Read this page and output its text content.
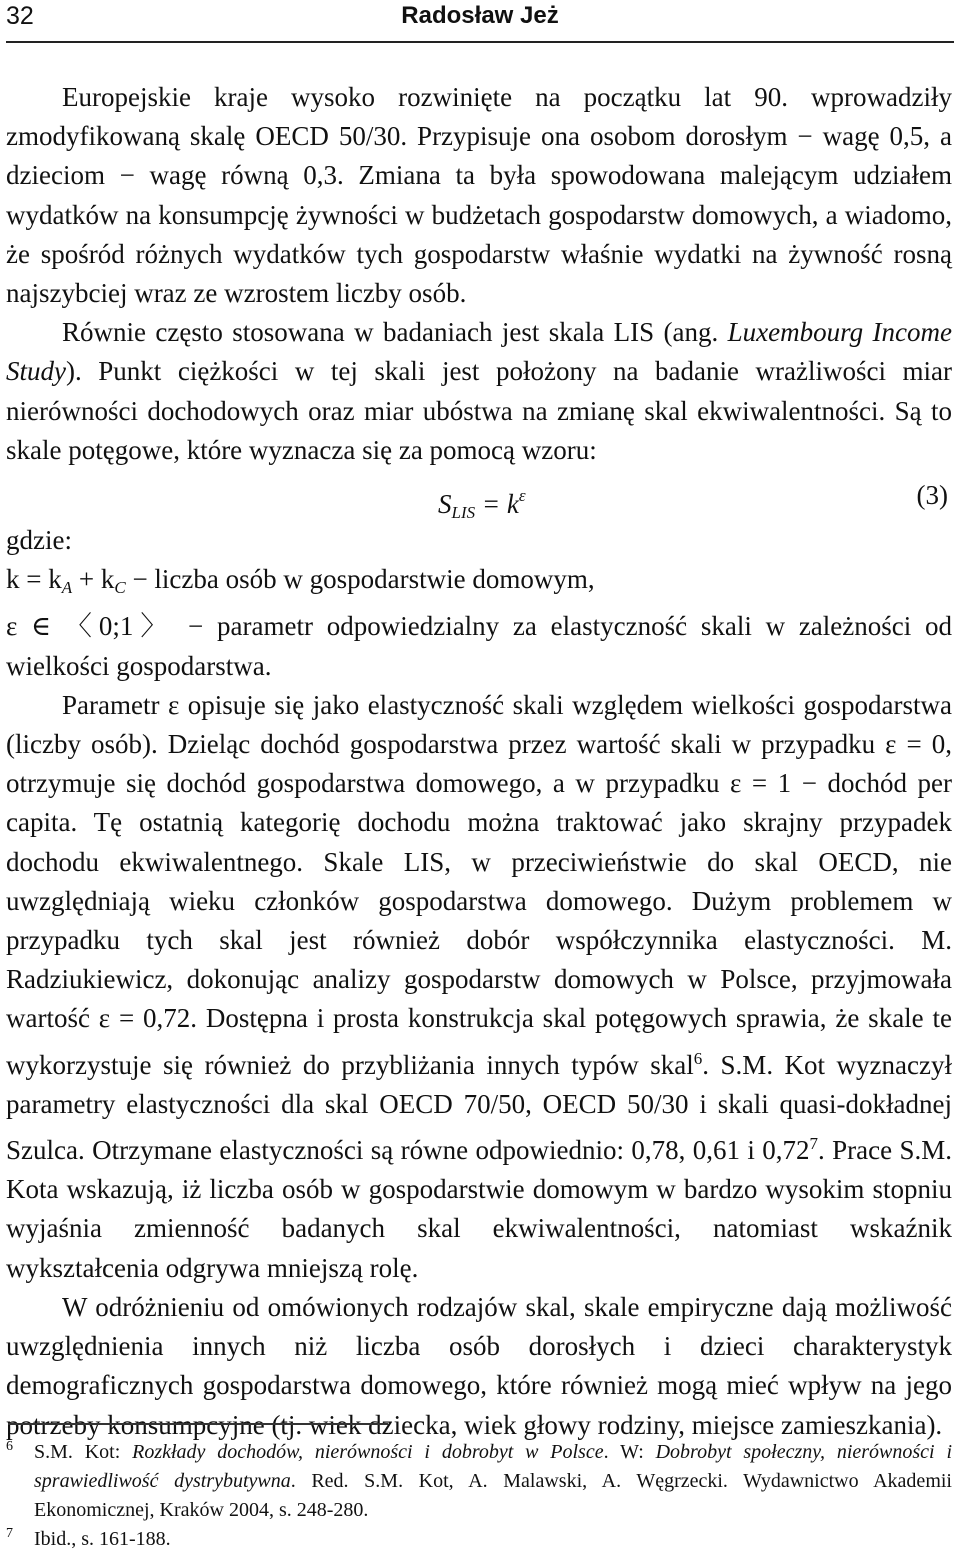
32	Radosław Jeż

Europejskie kraje wysoko rozwinięte na początku lat 90. wprowadziły zmodyfikowaną skalę OECD 50/30. Przypisuje ona osobom dorosłym − wagę 0,5, a dzieciom − wagę równą 0,3. Zmiana ta była spowodowana malejącym udziałem wydatków na konsumpcję żywności w budżetach gospodarstw domowych, a wiadomo, że spośród różnych wydatków tych gospodarstw właśnie wydatki na żywność rosną najszybciej wraz ze wzrostem liczby osób.

Równie często stosowana w badaniach jest skala LIS (ang. Luxembourg Income Study). Punkt ciężkości w tej skali jest położony na badanie wrażliwości miar nierówności dochodowych oraz miar ubóstwa na zmianę skal ekwiwalentności. Są to skale potęgowe, które wyznacza się za pomocą wzoru:

$S_{LIS} = k^\varepsilon$	(3)

gdzie:

$k = k_A + k_C$ − liczba osób w gospodarstwie domowym,

ε ∈ 〈0;1〉 − parametr odpowiedzialny za elastyczność skali w zależności od wielkości gospodarstwa.

Parametr ε opisuje się jako elastyczność skali względem wielkości gospodarstwa (liczby osób). Dzieląc dochód gospodarstwa przez wartość skali w przypadku ε = 0, otrzymuje się dochód gospodarstwa domowego, a w przypadku ε = 1 − dochód per capita. Tę ostatnią kategorię dochodu można traktować jako skrajny przypadek dochodu ekwiwalentnego. Skale LIS, w przeciwieństwie do skal OECD, nie uwzględniają wieku członków gospodarstwa domowego. Dużym problemem w przypadku tych skal jest również dobór współczynnika elastyczności. M. Radziukiewicz, dokonując analizy gospodarstw domowych w Polsce, przyjmowała wartość ε = 0,72. Dostępna i prosta konstrukcja skal potęgowych sprawia, że skale te wykorzystuje się również do przybliżania innych typów skal$^6$. S.M. Kot wyznaczył parametry elastyczności dla skal OECD 70/50, OECD 50/30 i skali quasi-dokładnej Szulca. Otrzymane elastyczności są równe odpowiednio: 0,78, 0,61 i 0,72$^7$. Prace S.M. Kota wskazują, iż liczba osób w gospodarstwie domowym w bardzo wysokim stopniu wyjaśnia zmienność badanych skal ekwiwalentności, natomiast wskaźnik wykształcenia odgrywa mniejszą rolę.

W odróżnieniu od omówionych rodzajów skal, skale empiryczne dają możliwość uwzględnienia innych niż liczba osób dorosłych i dzieci charakterystyk demograficznych gospodarstwa domowego, które również mogą mieć wpływ na jego potrzeby konsumpcyjne (tj. wiek dziecka, wiek głowy rodziny, miejsce zamieszkania).

6 S.M. Kot: Rozkłady dochodów, nierówności i dobrobyt w Polsce. W: Dobrobyt społeczny, nierówności i sprawiedliwość dystrybutywna. Red. S.M. Kot, A. Malawski, A. Węgrzecki. Wydawnictwo Akademii Ekonomicznej, Kraków 2004, s. 248-280.
7 Ibid., s. 161-188.
